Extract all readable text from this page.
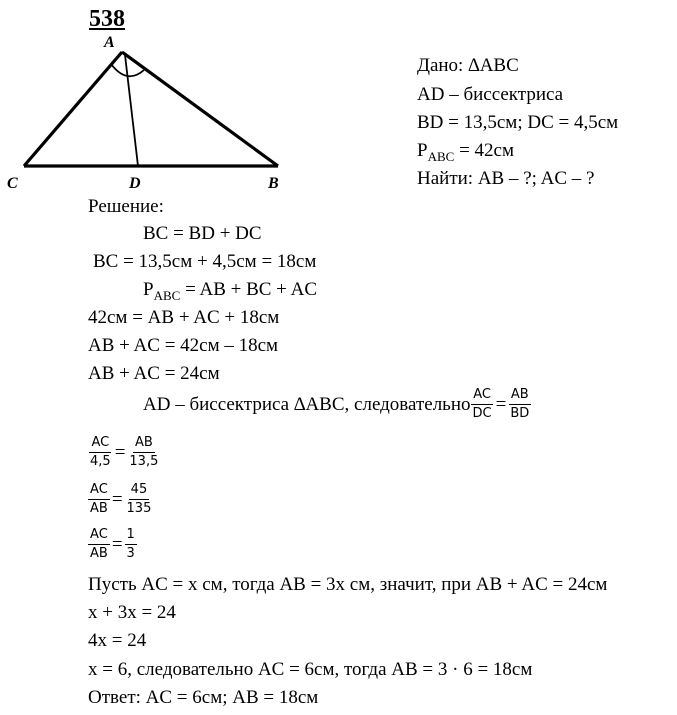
538
A
C	D	B
Дано: ∆ABC
AD – биссектриса
BD = 13,5см; DC = 4,5см
$P_{ABC} = 42см$
Найти: AB – ?; AC – ?
Решение:
BC = BD + DC
BC = 13,5см + 4,5см = 18см
$P_{ABC}$ = AB + BC + AC
42см = AB + AC + 18см
AB + AC = 42см – 18см
AB + AC = 24см
AD – биссектриса ∆ABC, следовательно $\frac{AC}{DC} = \frac{AB}{BD}$
$\frac{AC}{4,5} = \frac{AB}{13,5}$
$\frac{AC}{AB} = \frac{45}{135}$
$\frac{AC}{AB} = \frac{1}{3}$
Пусть AC = x см, тогда AB = 3x см, значит, при AB + AC = 24см
x + 3x = 24
4x = 24
x = 6, следовательно AC = 6см, тогда AB = 3 · 6 = 18см
Ответ: AC = 6см; AB = 18см
